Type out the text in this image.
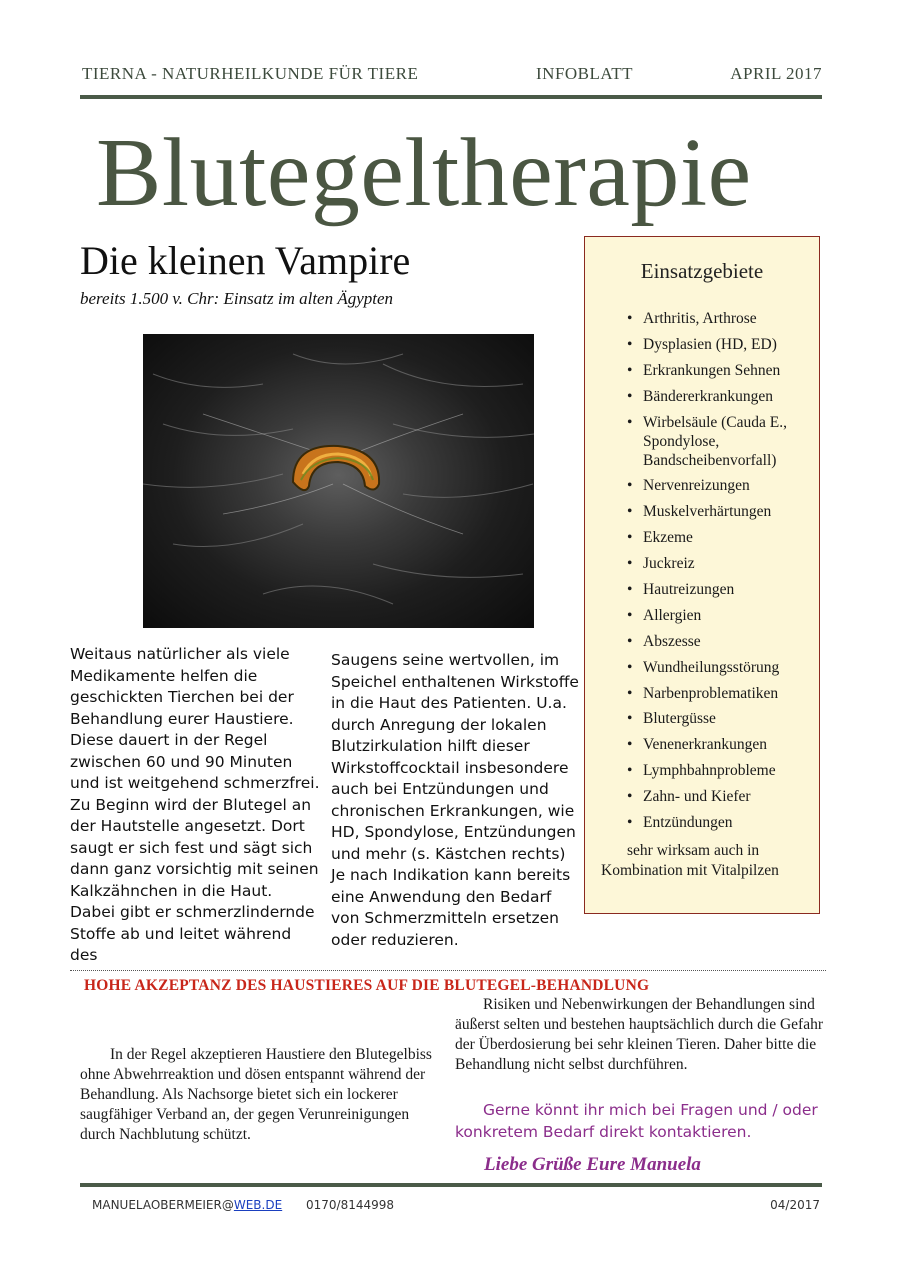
TIERNA - NATURHEILKUNDE FÜR TIERE	INFOBLATT	APRIL 2017
Blutegeltherapie
Die kleinen Vampire
bereits 1.500 v. Chr: Einsatz im alten Ägypten
Weitaus natürlicher als viele Medikamente helfen die geschickten Tierchen bei der Behandlung eurer Haustiere. Diese dauert in der Regel zwischen 60 und 90 Minuten und ist weitgehend schmerzfrei. Zu Beginn wird der Blutegel an der Hautstelle angesetzt. Dort saugt er sich fest und sägt sich dann ganz vorsichtig mit seinen Kalkzähnchen in die Haut. Dabei gibt er schmerzlindernde Stoffe ab und leitet während des
Saugens seine wertvollen, im Speichel enthaltenen Wirkstoffe in die Haut des Patienten. U.a. durch Anregung der lokalen Blutzirkulation hilft dieser Wirkstoffcocktail insbesondere auch bei Entzündungen und chronischen Erkrankungen, wie HD, Spondylose, Entzündungen und mehr (s. Kästchen rechts) Je nach Indikation kann bereits eine Anwendung den Bedarf von Schmerzmitteln ersetzen oder reduzieren.
Einsatzgebiete
• Arthritis, Arthrose
• Dysplasien (HD, ED)
• Erkrankungen Sehnen
• Bändererkrankungen
• Wirbelsäule (Cauda E., Spondylose, Bandscheibenvorfall)
• Nervenreizungen
• Muskelverhärtungen
• Ekzeme
• Juckreiz
• Hautreizungen
• Allergien
• Abszesse
• Wundheilungsstörung
• Narbenproblematiken
• Blutergüsse
• Venenerkrankungen
• Lymphbahnprobleme
• Zahn- und Kiefer
• Entzündungen
sehr wirksam auch in Kombination mit Vitalpilzen
HOHE AKZEPTANZ DES HAUSTIERES AUF DIE BLUTEGEL-BEHANDLUNG
In der Regel akzeptieren Haustiere den Blutegelbiss ohne Abwehrreaktion und dösen entspannt während der Behandlung. Als Nachsorge bietet sich ein lockerer saugfähiger Verband an, der gegen Verunreinigungen durch Nachblutung schützt.
Risiken und Nebenwirkungen der Behandlungen sind äußerst selten und bestehen hauptsächlich durch die Gefahr der Überdosierung bei sehr kleinen Tieren. Daher bitte die Behandlung nicht selbst durchführen.
Gerne könnt ihr mich bei Fragen und / oder konkretem Bedarf direkt kontaktieren.
Liebe Grüße Eure Manuela
MANUELAOBERMEIER@WEB.DE 0170/8144998	04/2017
